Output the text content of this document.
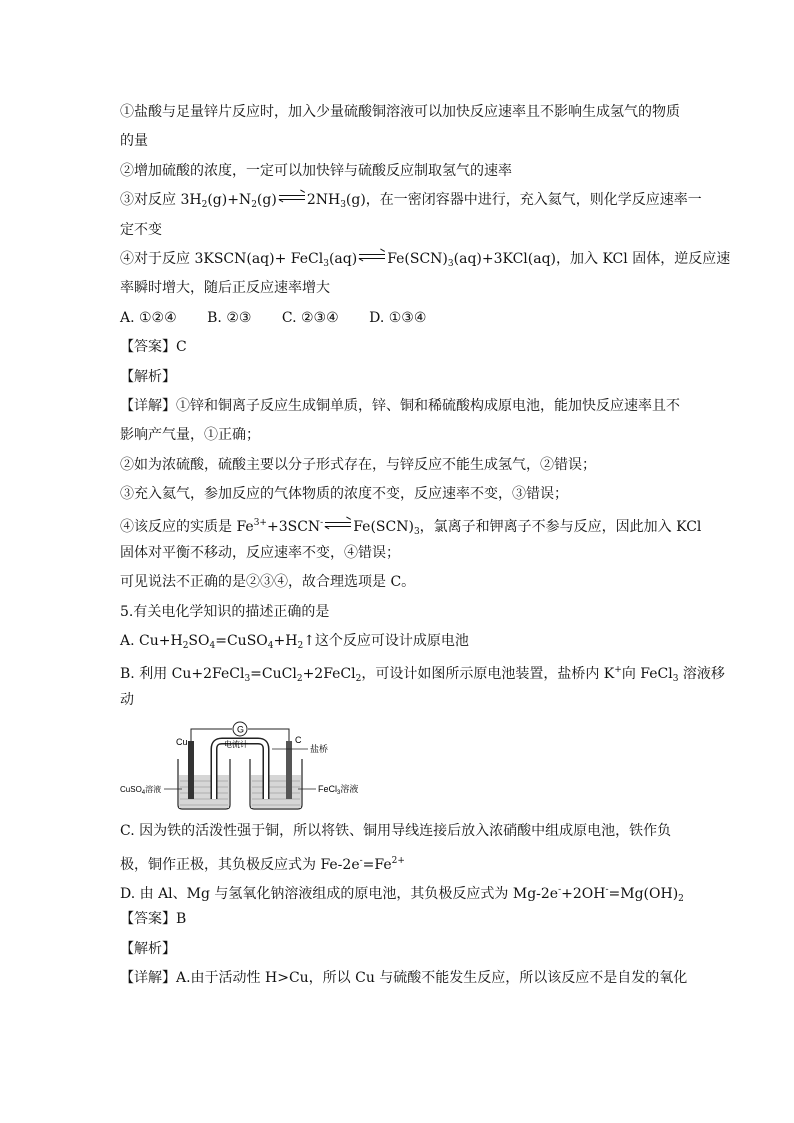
①盐酸与足量锌片反应时，加入少量硫酸铜溶液可以加快反应速率且不影响生成氢气的物质
的量
②增加硫酸的浓度，一定可以加快锌与硫酸反应制取氢气的速率
③对反应 $3H_2(g)+N_2(g)$ $2NH_3(g)$，在一密闭容器中进行，充入氦气，则化学反应速率一
定不变
④对于反应 3KSCN(aq)+ FeCl$_3$(aq) $Fe(SCN)_3(aq)+3KCl(aq)$，加入 KCl 固体，逆反应速
率瞬时增大，随后正反应速率增大
A. ①②④ B. ②③ C. ②③④ D. ①③④
【答案】C
【解析】
【详解】①锌和铜离子反应生成铜单质，锌、铜和稀硫酸构成原电池，能加快反应速率且不
影响产气量，①正确；
②如为浓硫酸，硫酸主要以分子形式存在，与锌反应不能生成氢气，②错误；
③充入氦气，参加反应的气体物质的浓度不变，反应速率不变，③错误；
④该反应的实质是 $Fe^{3+}+3SCN^-$ $Fe(SCN)_3$，氯离子和钾离子不参与反应，因此加入 KCl
固体对平衡不移动，反应速率不变，④错误；
可见说法不正确的是②③④，故合理选项是 C。
5.有关电化学知识的描述正确的是
A. $Cu+H_2SO_4=CuSO_4+H_2↑$这个反应可设计成原电池
B. 利用 Cu+2FeCl$_3$=CuCl$_2$+2FeCl$_2$，可设计如图所示原电池装置，盐桥内 K+向 FeCl$_3$ 溶液移
动
G
电流计
Cu	C
盐桥
CuSO$_4$溶液	FeCl$_3$溶液
C. 因为铁的活泼性强于铜，所以将铁、铜用导线连接后放入浓硝酸中组成原电池，铁作负
极，铜作正极，其负极反应式为 $Fe-2e^-=Fe^{2+}$
D. 由 Al、Mg 与氢氧化钠溶液组成的原电池，其负极反应式为 $Mg-2e^-+2OH^-=Mg(OH)_2$
【答案】B
【解析】
【详解】A.由于活动性 H>Cu，所以 Cu 与硫酸不能发生反应，所以该反应不是自发的氧化
